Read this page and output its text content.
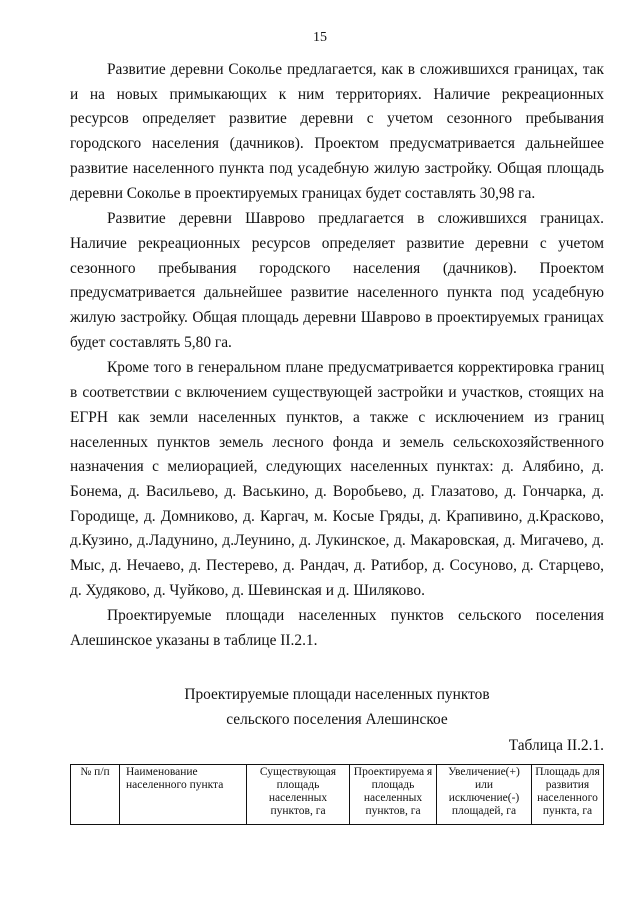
15

Развитие деревни Сокольe предлагается, как в сложившихся границах, так и на новых примыкающих к ним территориях. Наличие рекреационных ресурсов определяет развитие деревни с учетом сезонного пребывания городского населения (дачников). Проектом предусматривается дальнейшее развитие населенного пункта под усадебную жилую застройку. Общая площадь деревни Соколье в проектируемых границах будет составлять 30,98 га.

Развитие деревни Шаврово предлагается в сложившихся границах. Наличие рекреационных ресурсов определяет развитие деревни с учетом сезонного пребывания городского населения (дачников). Проектом предусматривается дальнейшее развитие населенного пункта под усадебную жилую застройку. Общая площадь деревни Шаврово в проектируемых границах будет составлять 5,80 га.

Кроме того в генеральном плане предусматривается корректировка границ в соответствии с включением существующей застройки и участков, стоящих на ЕГРН как земли населенных пунктов, а также с исключением из границ населенных пунктов земель лесного фонда и земель сельскохозяйственного назначения с мелиорацией, следующих населенных пунктах: д. Алябино, д. Бонема, д. Васильево, д. Васькино, д. Воробьево, д. Глазатово, д. Гончарка, д. Городище, д. Домниково, д. Каргач, м. Косые Гряды, д. Крапивино, д.Красково, д.Кузино, д.Ладунино, д.Леунино, д. Лукинское, д. Макаровская, д. Мигачево, д. Мыс, д. Нечаево, д. Пестерево, д. Рандач, д. Ратибор, д. Сосуново, д. Старцево, д. Худяково, д. Чуйково, д. Шевинская и д. Шиляково.

Проектируемые площади населенных пунктов сельского поселения Алешинское указаны в таблице II.2.1.

Проектируемые площади населенных пунктов
сельского поселения Алешинское
Таблица II.2.1.
№ п/п	Наименование населенного пункта	Существующая площадь населенных пунктов, га	Проектируема я площадь населенных пунктов, га	Увеличение(+) или исключение(-) площадей, га	Площадь для развития населенного пункта, га
